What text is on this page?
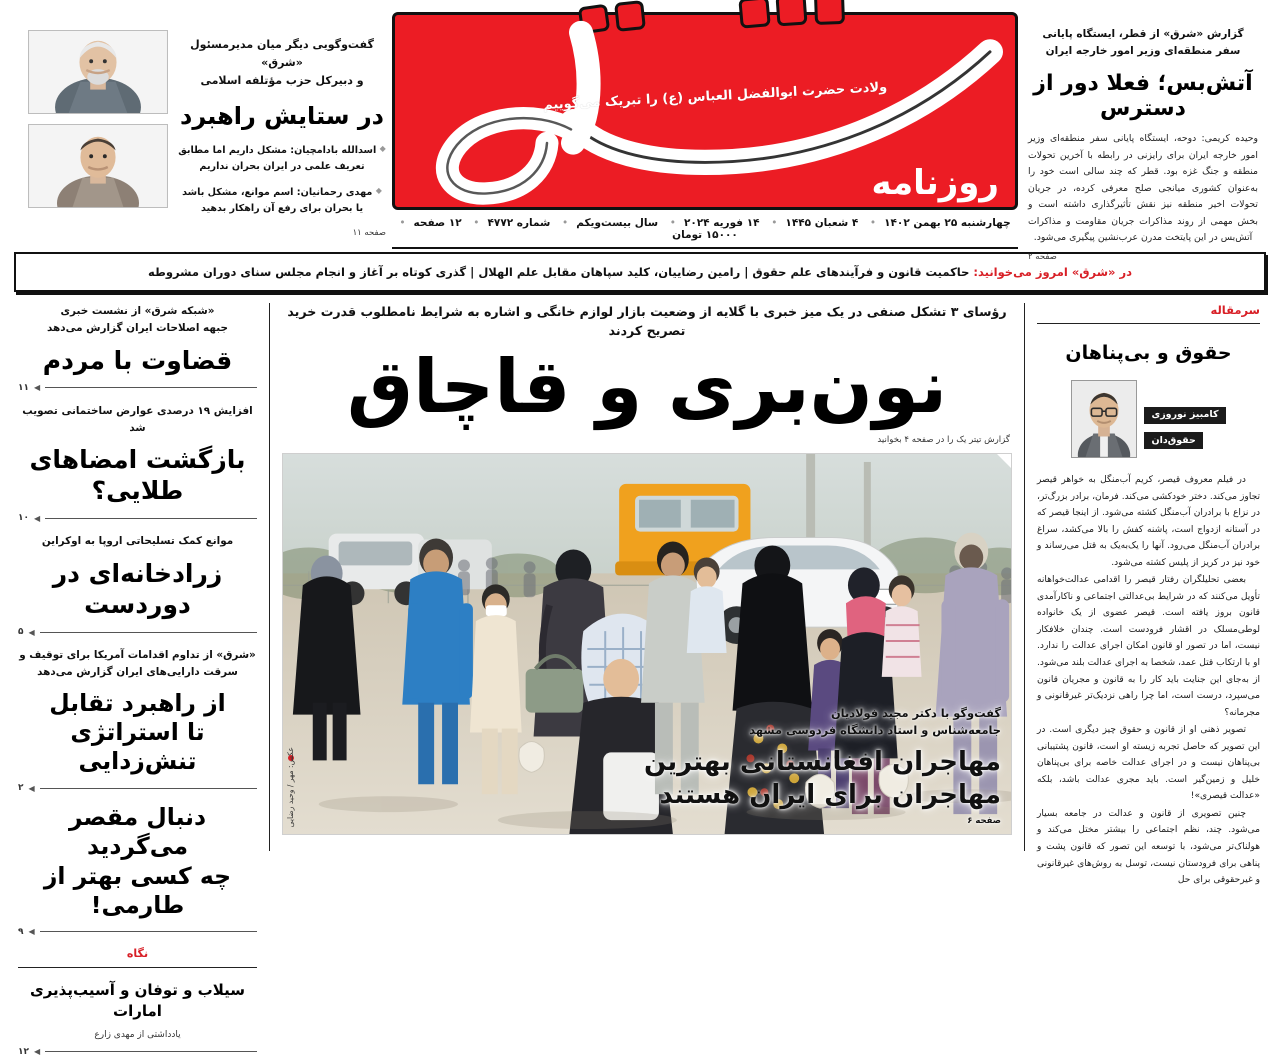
گزارش «شرق» از قطر، ایستگاه پایانی
سفر منطقه‌ای وزیر امور خارجه ایران
آتش‌بس؛ فعلا دور از دسترس
وحیده کریمی: دوحه، ایستگاه پایانی سفر منطقه‌ای وزیر امور خارجه ایران برای رایزنی در رابطه با آخرین تحولات منطقه و جنگ غزه بود. قطر که چند سالی است خود را به‌عنوان کشوری میانجی صلح معرفی کرده، در جریان تحولات اخیر منطقه نیز نقش تأثیرگذاری داشته است و بخش مهمی از روند مذاکرات جریان مقاومت و مذاکرات آتش‌بس در این پایتخت مدرن عرب‌نشین پیگیری می‌شود.
صفحه ۲
ولادت حضرت ابوالفضل العباس (ع) را تبریک می‌گوییم
روزنامه
چهارشنبه ۲۵ بهمن ۱۴۰۲• ۴ شعبان ۱۴۴۵• ۱۴ فوریه ۲۰۲۴• سال بیست‌ویکم• شماره ۴۷۷۲• ۱۲ صفحه• ۱۵۰۰۰ تومان
گفت‌وگویی دیگر میان مدیرمسئول «شرق»
و دبیرکل حزب مؤتلفه اسلامی
در ستایش راهبرد
◆ اسدالله بادامچیان: مشکل داریم اما مطابق تعریف علمی در ایران بحران نداریم
◆ مهدی رحمانیان: اسم موانع، مشکل باشد یا بحران برای رفع آن راهکار بدهید
صفحه ۱۱
در «شرق» امروز می‌خوانید: حاکمیت قانون و فرآیندهای علم حقوق | رامین رضاییان، کلید سپاهان مقابل علم الهلال | گذری کوتاه بر آغاز و انجام مجلس سنای دوران مشروطه
سرمقاله
حقوق و بی‌پناهان
کامبیز نوروزی
حقوق‌دان

در فیلم معروف قیصر، کریم آب‌منگل به خواهر قیصر تجاوز می‌کند. دختر خودکشی می‌کند. فرمان، برادر بزرگ‌تر، در نزاع با برادران آب‌منگل کشته می‌شود. از اینجا قیصر که در آستانه ازدواج است، پاشنه کفش را بالا می‌کشد، سراغ برادران آب‌منگل می‌رود. آنها را یک‌‌به‌یک به قتل می‌رساند و خود نیز در کریز از پلیس کشته می‌شود.

بعضی تحلیلگران رفتار قیصر را اقدامی عدالت‌خواهانه تأویل می‌کنند که در شرایط بی‌عدالتی اجتماعی و ناکارآمدی قانون بروز یافته است. قیصر عضوی از یک خانواده لوطی‌مسلک در اقشار فرودست است. چندان خلافکار نیست، اما در تصور او قانون امکان اجرای عدالت را ندارد. او با ارتکاب قتل عمد، شخصا به اجرای عدالت بلند می‌شود. از به‌جای این جنایت باید کار را به قانون و مجریان قانون می‌سپرد، درست است، اما چرا راهی نزدیک‌تر غیرقانونی و مجرمانه؟

تصویر ذهنی او از قانون و حقوق چیز دیگری است. در این تصویر که حاصل تجربه زیسته او است، قانون پشتیبانی بی‌پناهان نیست و در اجرای عدالت خاصه برای بی‌پناهان خلیل و زمین‌گیر است. باید مجری عدالت باشد، بلکه «عدالت قیصری»!

چنین تصویری از قانون و عدالت در جامعه بسیار می‌شود. چند، نظم اجتماعی را بیشتر مختل می‌کند و هولناک‌تر می‌شود، با توسعه این تصور که قانون پشت و پناهی برای فرودستان نیست، توسل به روش‌های غیرقانونی و غیرحقوقی برای حل

رؤسای ۳ تشکل صنفی در یک میز خبری با گلایه از وضعیت بازار لوازم خانگی و اشاره به شرایط نامطلوب قدرت خرید تصریح کردند
نون‌بری و قاچاق
گزارش تیتر یک را در صفحه ۴ بخوانید
گفت‌وگو با دکتر مجید فولادیان
جامعه‌شناس و استاد دانشگاه فردوسی مشهد
مهاجران افغانستانی بهترین
مهاجران برای ایران هستند
صفحه ۶
عکس: مهر / وحید رضایی
«شبکه شرق» از نشست خبری
جبهه اصلاحات ایران گزارش می‌دهد
قضاوت با مردم
۱۱ ◀
افزایش ۱۹ درصدی عوارض ساختمانی تصویب شد
بازگشت امضاهای طلایی؟
۱۰ ◀
موانع کمک تسلیحاتی اروپا به اوکراین
زرادخانه‌ای در دوردست
۵ ◀
«شرق» از تداوم اقدامات آمریکا برای توقیف و
سرقت دارایی‌های ایران گزارش می‌دهد
از راهبرد تقابل
تا استراتژی تنش‌زدایی
۲ ◀
دنبال مقصر می‌گردید
چه کسی بهتر از طارمی!
۹ ◀
نگاه
سیلاب و توفان و آسیب‌پذیری امارات
یادداشتی از مهدی زارع
۱۲ ◀
